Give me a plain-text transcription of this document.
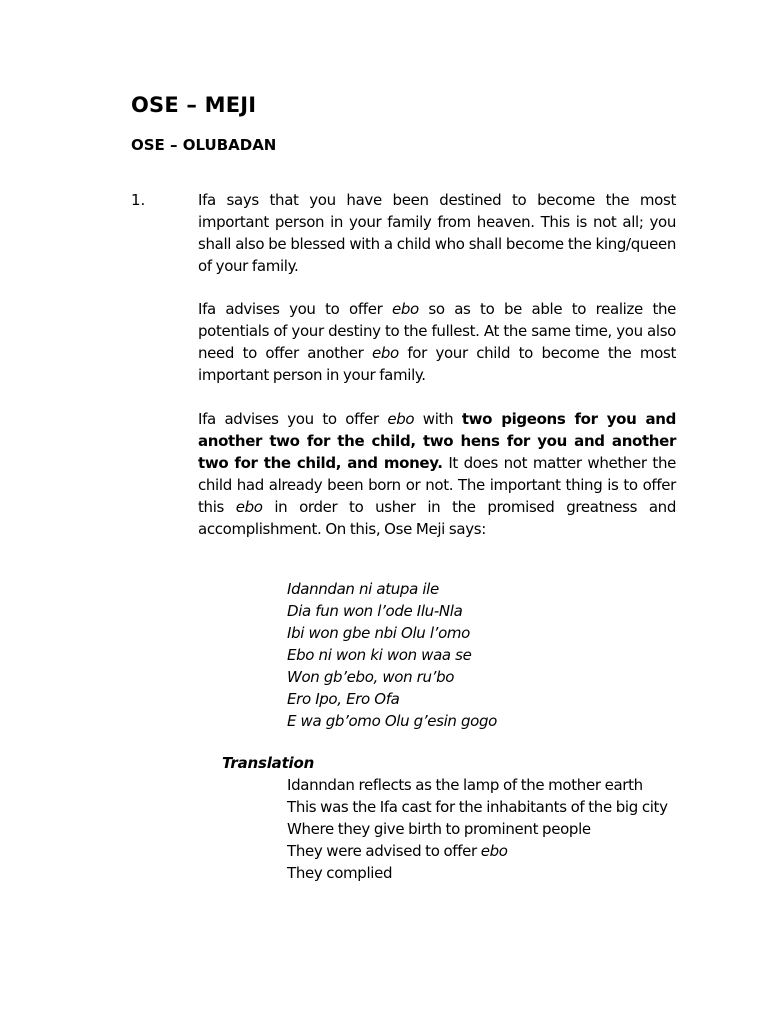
OSE – MEJI
OSE – OLUBADAN
1.	Ifa says that you have been destined to become the most important person in your family from heaven. This is not all; you shall also be blessed with a child who shall become the king/queen of your family.
Ifa advises you to offer ebo so as to be able to realize the potentials of your destiny to the fullest. At the same time, you also need to offer another ebo for your child to become the most important person in your family.
Ifa advises you to offer ebo with two pigeons for you and another two for the child, two hens for you and another two for the child, and money. It does not matter whether the child had already been born or not. The important thing is to offer this ebo in order to usher in the promised greatness and accomplishment. On this, Ose Meji says:
Idanndan ni atupa ile
Dia fun won l’ode Ilu-Nla
Ibi won gbe nbi Olu l’omo
Ebo ni won ki won waa se
Won gb’ebo, won ru’bo
Ero Ipo, Ero Ofa
E wa gb’omo Olu g’esin gogo
Translation
Idanndan reflects as the lamp of the mother earth
This was the Ifa cast for the inhabitants of the big city
Where they give birth to prominent people
They were advised to offer ebo
They complied
